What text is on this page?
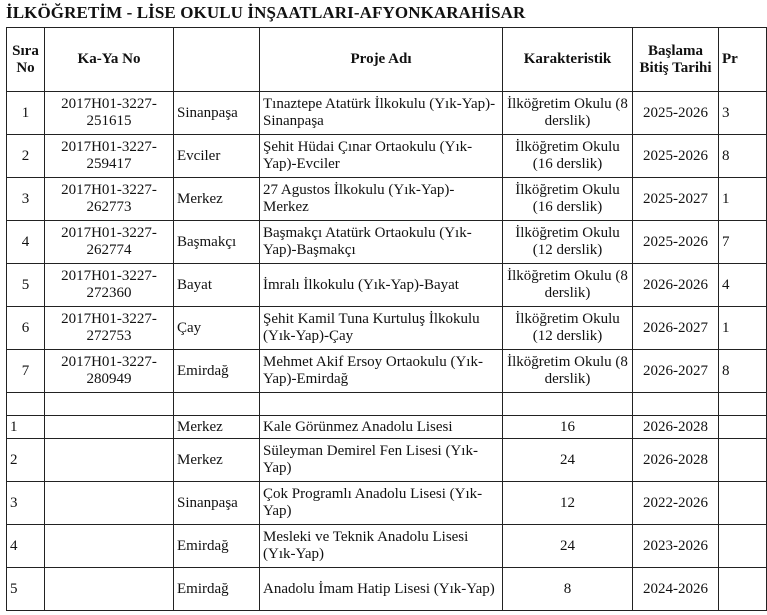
İLKÖĞRETİM - LİSE OKULU İNŞAATLARI-AFYONKARAHİSAR
Sıra No	Ka-Ya No		Proje Adı	Karakteristik	Başlama Bitiş Tarihi	Pr
1	2017H01-3227-251615	Sinanpaşa	Tınaztepe Atatürk İlkokulu (Yık-Yap)-Sinanpaşa	İlköğretim Okulu (8 derslik)	2025-2026	3
2	2017H01-3227-259417	Evciler	Şehit Hüdai Çınar Ortaokulu (Yık-Yap)-Evciler	İlköğretim Okulu (16 derslik)	2025-2026	8
3	2017H01-3227-262773	Merkez	27 Agustos İlkokulu (Yık-Yap)-Merkez	İlköğretim Okulu (16 derslik)	2025-2027	1
4	2017H01-3227-262774	Başmakçı	Başmakçı Atatürk Ortaokulu (Yık-Yap)-Başmakçı	İlköğretim Okulu (12 derslik)	2025-2026	7
5	2017H01-3227-272360	Bayat	İmralı İlkokulu (Yık-Yap)-Bayat	İlköğretim Okulu (8 derslik)	2026-2026	4
6	2017H01-3227-272753	Çay	Şehit Kamil Tuna Kurtuluş İlkokulu (Yık-Yap)-Çay	İlköğretim Okulu (12 derslik)	2026-2027	1
7	2017H01-3227-280949	Emirdağ	Mehmet Akif Ersoy Ortaokulu (Yık-Yap)-Emirdağ	İlköğretim Okulu (8 derslik)	2026-2027	8

1		Merkez	Kale Görünmez Anadolu Lisesi	16	2026-2028	
2		Merkez	Süleyman Demirel Fen Lisesi (Yık-Yap)	24	2026-2028	
3		Sinanpaşa	Çok Programlı Anadolu Lisesi (Yık-Yap)	12	2022-2026	
4		Emirdağ	Mesleki ve Teknik Anadolu Lisesi (Yık-Yap)	24	2023-2026	
5		Emirdağ	Anadolu İmam Hatip Lisesi (Yık-Yap)	8	2024-2026	
